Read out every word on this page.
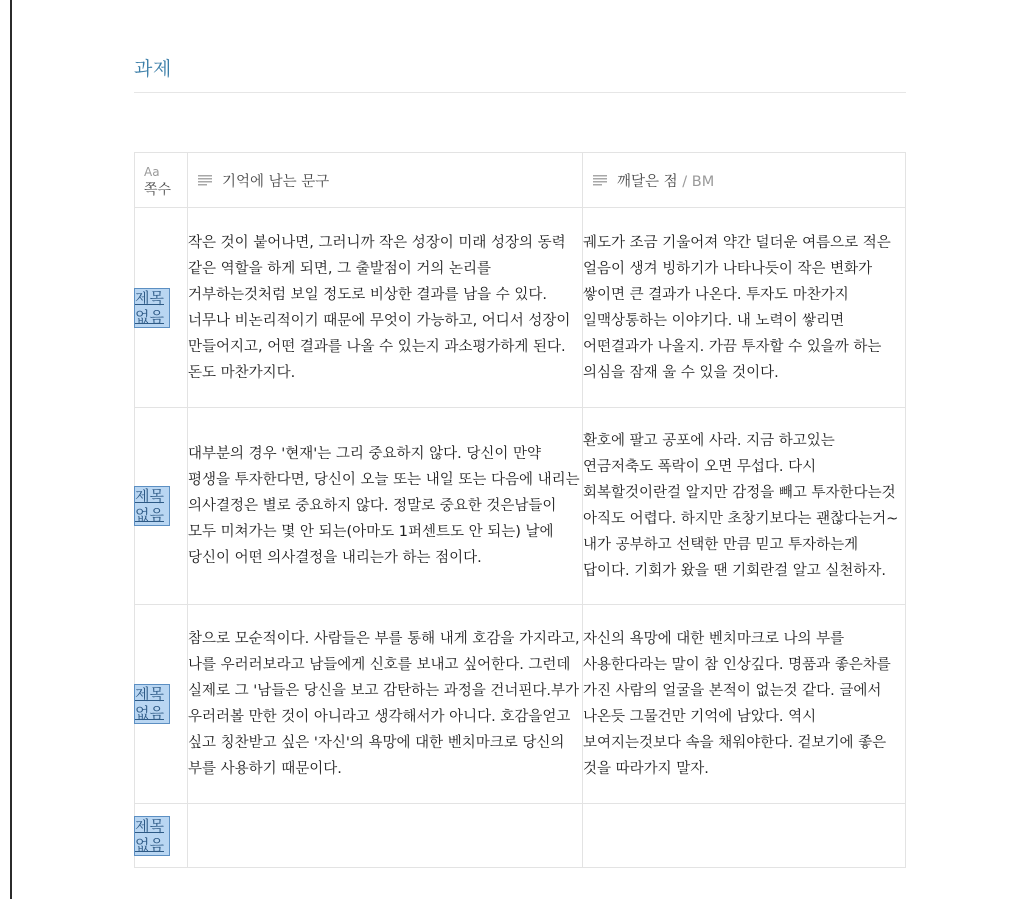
과제
Aa
쪽수	기억에 남는 문구	깨달은 점 / BM

제목
없음	작은 것이 붙어나면, 그러니까 작은 성장이 미래 성장의 동력 같은 역할을 하게 되면, 그 출발점이 거의 논리를 거부하는것처럼 보일 정도로 비상한 결과를 남을 수 있다. 너무나 비논리적이기 때문에 무엇이 가능하고, 어디서 성장이 만들어지고, 어떤 결과를 나올 수 있는지 과소평가하게 된다. 돈도 마찬가지다.	궤도가 조금 기울어져 약간 덜더운 여름으로 적은 얼음이 생겨 빙하기가 나타나듯이 작은 변화가 쌓이면 큰 결과가 나온다. 투자도 마찬가지 일맥상통하는 이야기다. 내 노력이 쌓리면 어떤결과가 나올지. 가끔 투자할 수 있을까 하는 의심을 잠재 울 수 있을 것이다.
제목
없음	대부분의 경우 '현재'는 그리 중요하지 않다. 당신이 만약 평생을 투자한다면, 당신이 오늘 또는 내일 또는 다음에 내리는 의사결정은 별로 중요하지 않다. 정말로 중요한 것은남들이 모두 미쳐가는 몇 안 되는(아마도 1퍼센트도 안 되는) 날에 당신이 어떤 의사결정을 내리는가 하는 점이다.	환호에 팔고 공포에 사라. 지금 하고있는 연금저축도 폭락이 오면 무섭다. 다시 회복할것이란걸 알지만 감정을 빼고 투자한다는것 아직도 어렵다. 하지만 초창기보다는 괜찮다는거~ 내가 공부하고 선택한 만큼 믿고 투자하는게 답이다. 기회가 왔을 땐 기회란걸 알고 실천하자.
제목
없음	참으로 모순적이다. 사람들은 부를 통해 내게 호감을 가지라고, 나를 우러러보라고 남들에게 신호를 보내고 싶어한다. 그런데 실제로 그 '남들은 당신을 보고 감탄하는 과정을 건너핀다.부가 우러러볼 만한 것이 아니라고 생각해서가 아니다. 호감을얻고 싶고 칭찬받고 싶은 '자신'의 욕망에 대한 벤치마크로 당신의 부를 사용하기 때문이다.	자신의 욕망에 대한 벤치마크로 나의 부를 사용한다라는 말이 참 인상깊다. 명품과 좋은차를 가진 사람의 얼굴을 본적이 없는것 같다. 글에서 나온듯 그물건만 기억에 남았다. 역시 보여지는것보다 속을 채워야한다. 겉보기에 좋은 것을 따라가지 말자.
제목
없음		
